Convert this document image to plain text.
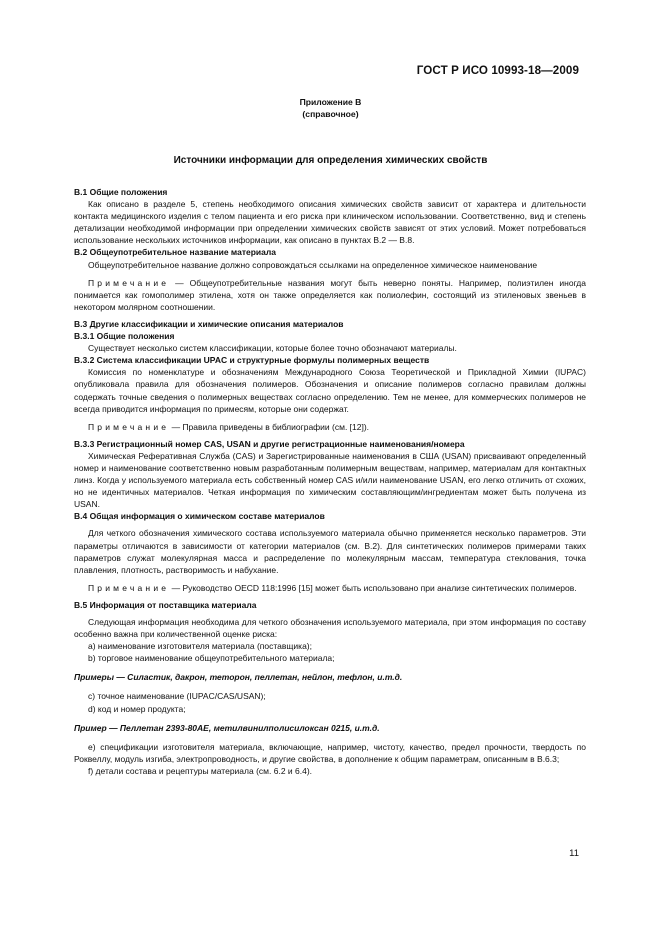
ГОСТ Р ИСО 10993-18—2009
Приложение В
(справочное)
Источники информации для определения химических свойств

В.1 Общие положения

Как описано в разделе 5, степень необходимого описания химических свойств зависит от характера и длительности контакта медицинского изделия с телом пациента и его риска при клиническом использовании. Соответственно, вид и степень детализации необходимой информации при определении химических свойств зависят от этих условий. Может потребоваться использование нескольких источников информации, как описано в пунктах В.2 — В.8.

В.2 Общеупотребительное название материала

Общеупотребительное название должно сопровождаться ссылками на определенное химическое наименование

Примечание — Общеупотребительные названия могут быть неверно поняты. Например, полиэтилен иногда понимается как гомополимер этилена, хотя он также определяется как полиолефин, состоящий из этиленовых звеньев в некотором молярном соотношении.

В.3 Другие классификации и химические описания материалов

В.3.1 Общие положения

Существует несколько систем классификации, которые более точно обозначают материалы.

В.3.2 Система классификации UPAC и структурные формулы полимерных веществ

Комиссия по номенклатуре и обозначениям Международного Союза Теоретической и Прикладной Химии (IUPAC) опубликовала правила для обозначения полимеров. Обозначения и описание полимеров согласно правилам должны содержать точные сведения о полимерных веществах согласно определению. Тем не менее, для коммерческих полимеров не всегда приводится информация по примесям, которые они содержат.

Примечание — Правила приведены в библиографии (см. [12]).

В.3.3 Регистрационный номер CAS, USAN и другие регистрационные наименования/номера

Химическая Реферативная Служба (CAS) и Зарегистрированные наименования в США (USAN) присваивают определенный номер и наименование соответственно новым разработанным полимерным веществам, например, материалам для контактных линз. Когда у используемого материала есть собственный номер CAS и/или наименование USAN, его легко отличить от схожих, но не идентичных материалов. Четкая информация по химическим составляющим/ингредиентам может быть получена из USAN.

В.4 Общая информация о химическом составе материалов

Для четкого обозначения химического состава используемого материала обычно применяется несколько параметров. Эти параметры отличаются в зависимости от категории материалов (см. В.2). Для синтетических полимеров примерами таких параметров служат молекулярная масса и распределение по молекулярным массам, температура стеклования, точка плавления, плотность, растворимость и набухание.

Примечание — Руководство OECD 118:1996 [15] может быть использовано при анализе синтетических полимеров.

В.5 Информация от поставщика материала

Следующая информация необходима для четкого обозначения используемого материала, при этом информация по составу особенно важна при количественной оценке риска:

а) наименование изготовителя материала (поставщика);

b) торговое наименование общеупотребительного материала;

Примеры — Силастик, дакрон, теторон, пеллетан, нейлон, тефлон, и.т.д.

с) точное наименование (IUPAC/CAS/USAN);

d) код и номер продукта;

Пример — Пеллетан 2393-80АЕ, метилвинилполисилоксан 0215, и.т.д.

е) спецификации изготовителя материала, включающие, например, чистоту, качество, предел прочности, твердость по Роквеллу, модуль изгиба, электропроводность, и другие свойства, в дополнение к общим параметрам, описанным в В.6.3;

f) детали состава и рецептуры материала (см. 6.2 и 6.4).

11
